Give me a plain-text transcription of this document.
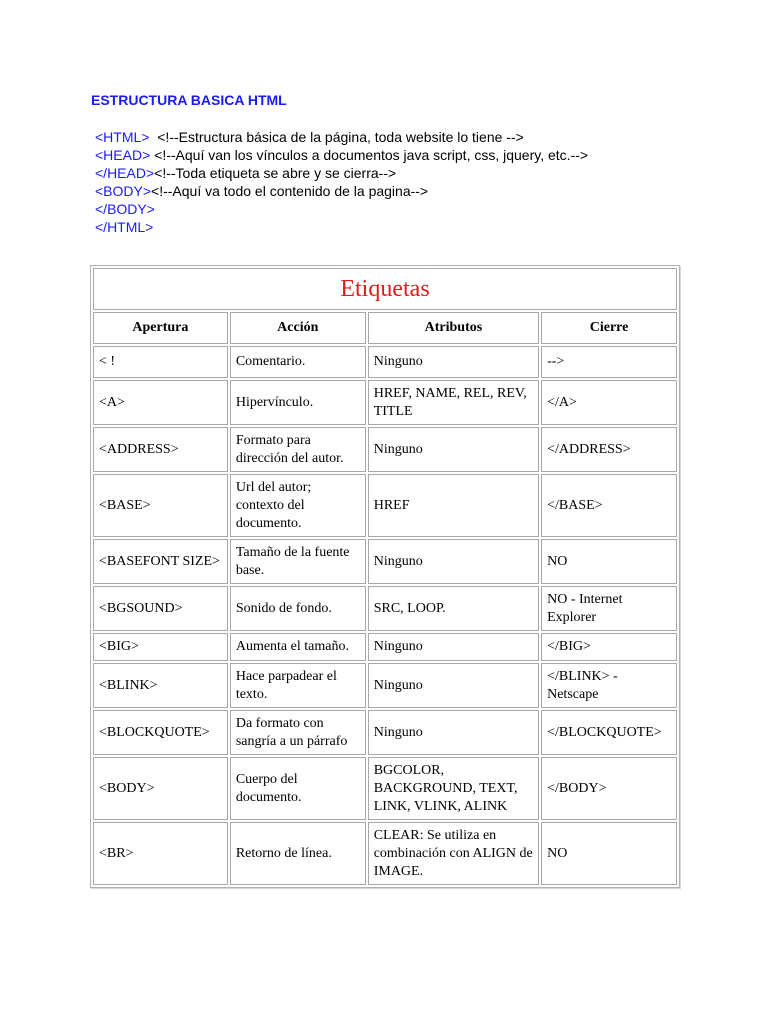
ESTRUCTURA BASICA HTML
<HTML>  <!--Estructura básica de la página, toda website lo tiene -->
<HEAD> <!--Aquí van los vínculos a documentos java script, css, jquery, etc.-->
</HEAD><!--Toda etiqueta se abre y se cierra-->
<BODY><!--Aquí va todo el contenido de la pagina-->
</BODY>
</HTML>
Etiquetas			
Apertura	Acción	Atributos	Cierre
< !	Comentario.	Ninguno	-->
<A>	Hipervínculo.	HREF, NAME, REL, REV, TITLE	</A>
<ADDRESS>	Formato para dirección del autor.	Ninguno	</ADDRESS>
<BASE>	Url del autor; contexto del documento.	HREF	</BASE>
<BASEFONT SIZE>	Tamaño de la fuente base.	Ninguno	NO
<BGSOUND>	Sonido de fondo.	SRC, LOOP.	NO - Internet Explorer
<BIG>	Aumenta el tamaño.	Ninguno	</BIG>
<BLINK>	Hace parpadear el texto.	Ninguno	</BLINK> - Netscape
<BLOCKQUOTE>	Da formato con sangría a un párrafo	Ninguno	</BLOCKQUOTE>
<BODY>	Cuerpo del documento.	BGCOLOR, BACKGROUND, TEXT, LINK, VLINK, ALINK	</BODY>
<BR>	Retorno de línea.	CLEAR: Se utiliza en combinación con ALIGN de IMAGE.	NO
